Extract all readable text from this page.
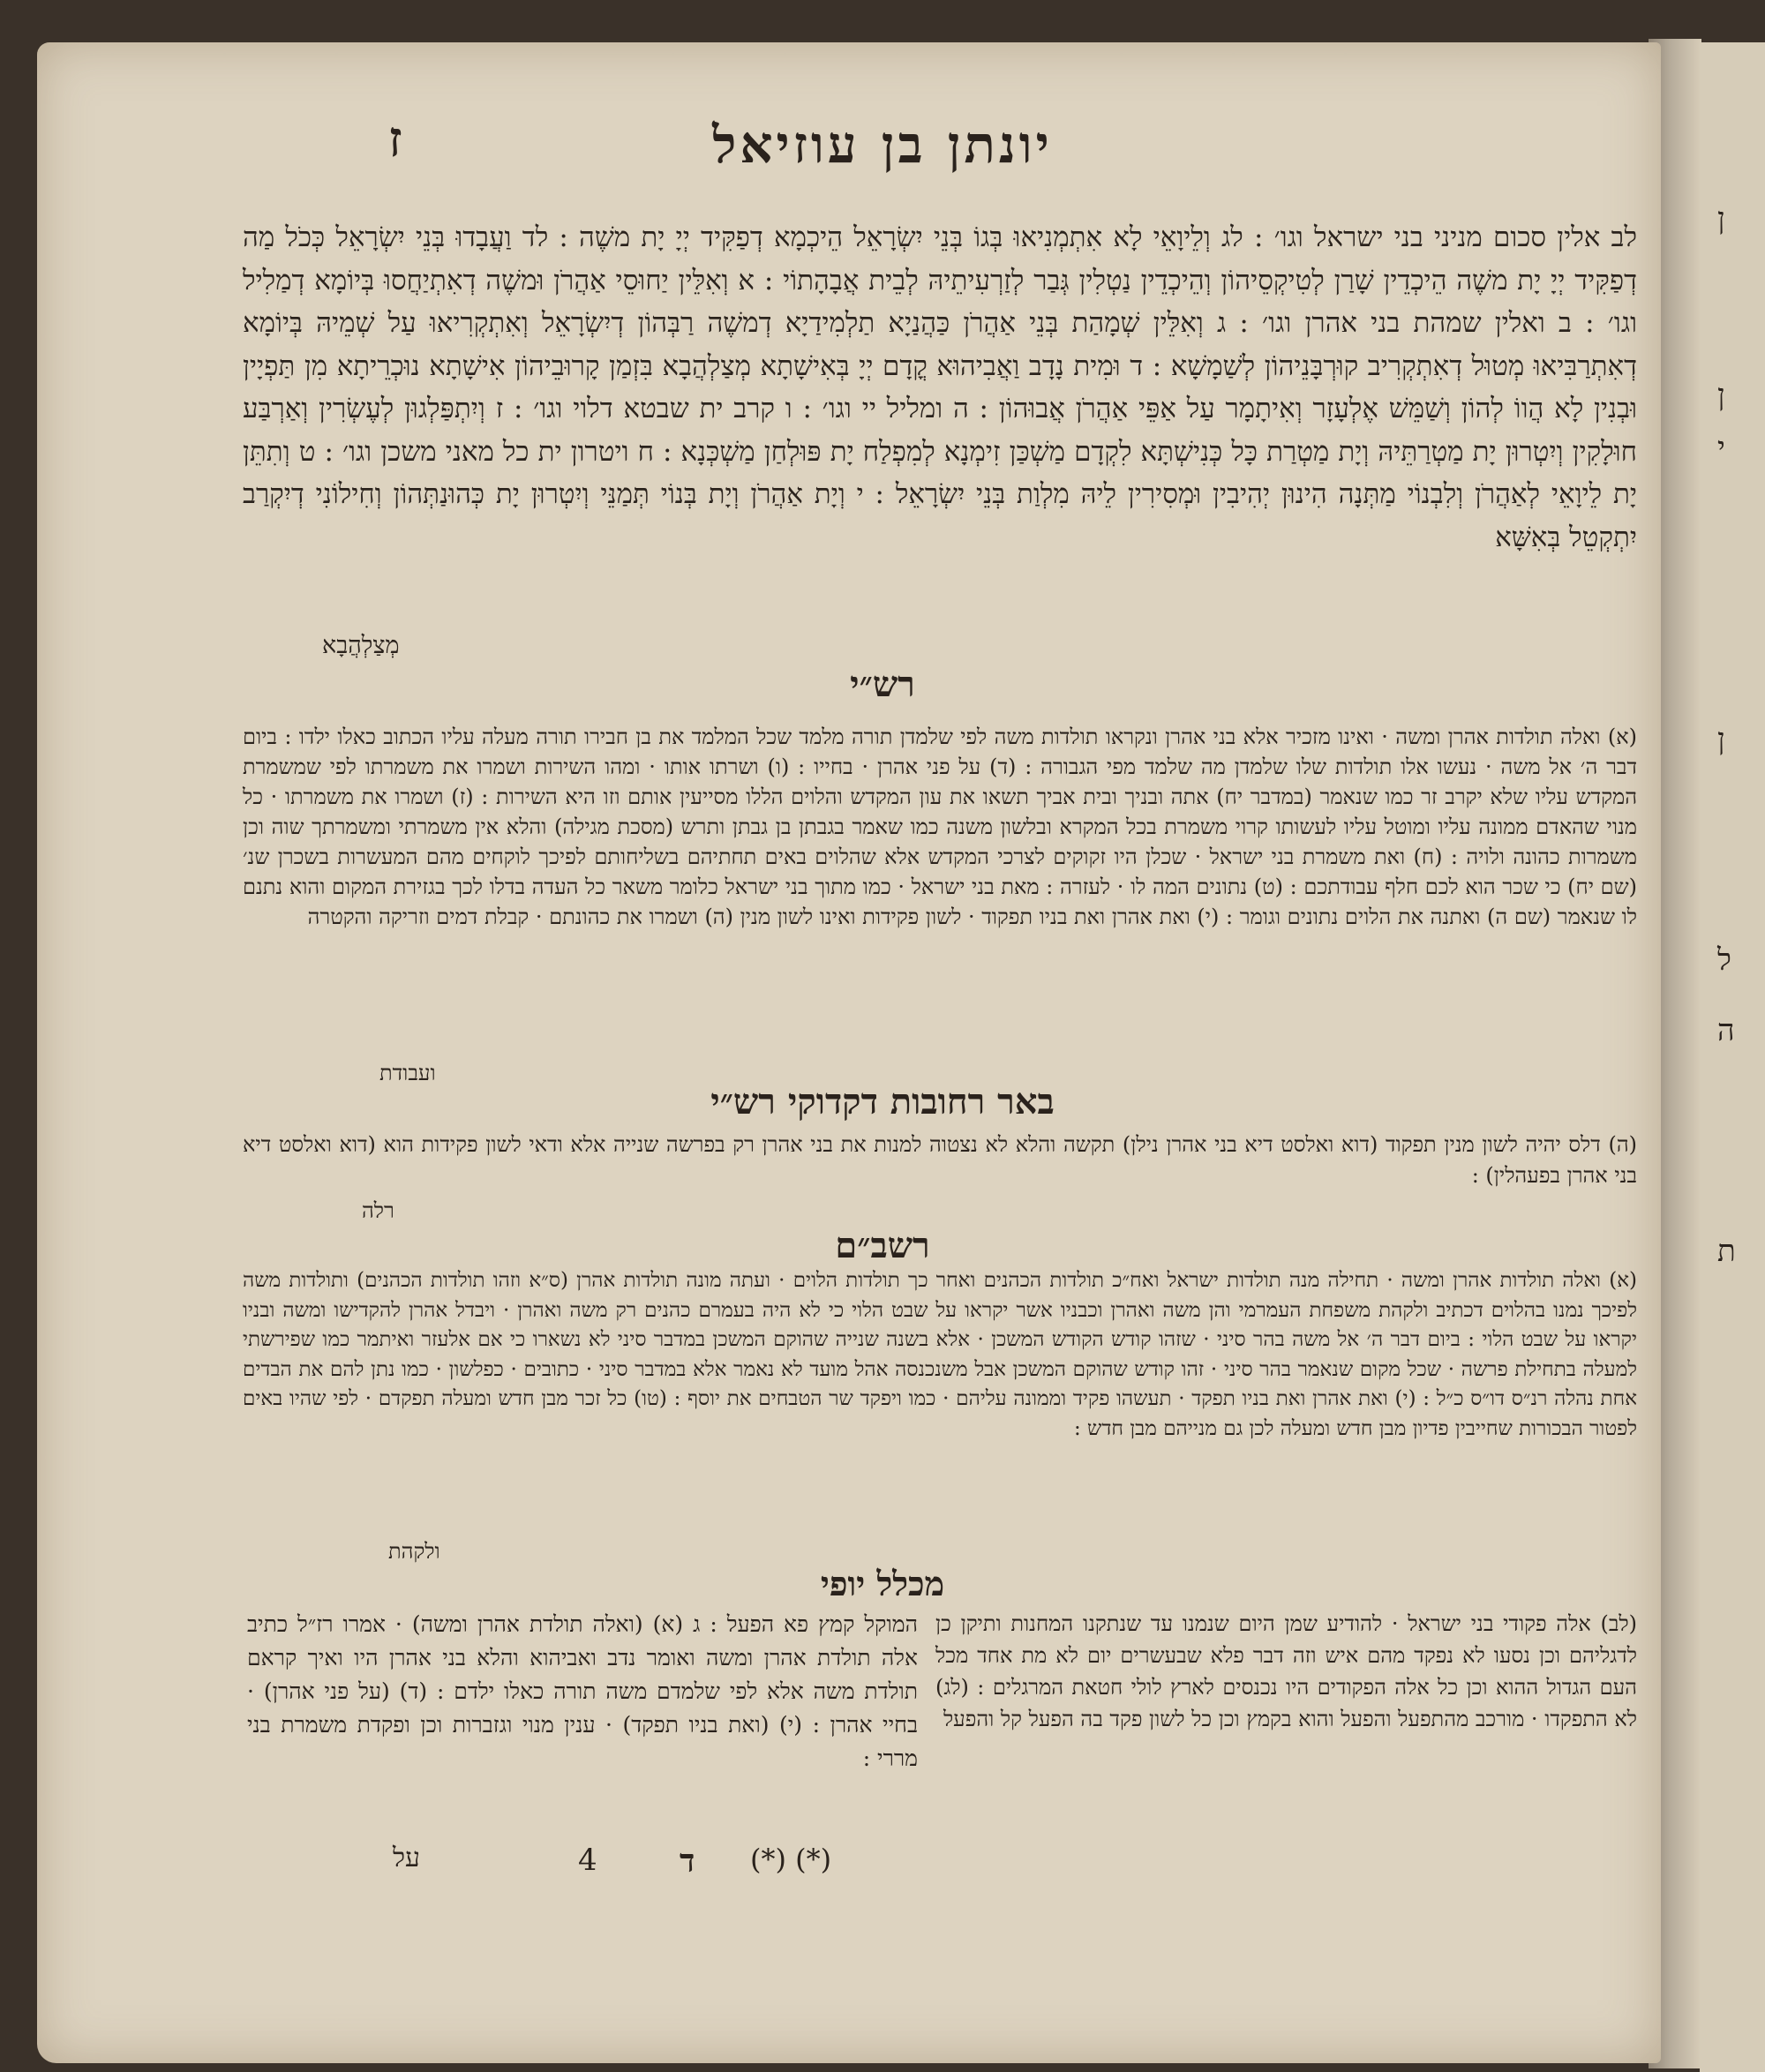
ן
ן
י
ן
ל
ה
ת
יונתן בן עוזיאל
ז
לב אלין סכום מניני בני ישראל וגו׳ : לג וְלֵיוָאֵי לָא אִתְמְנִיאוּ בְּגוֹ בְּנֵי יִשְׂרָאֵל הֵיכְמָא דְפַקִּיד יְיָ יָת משֶׁה : לד וַעֲבָדוּ בְּנֵי יִשְׂרָאֵל כְּכֹל מַה דְפַקִּיד יְיָ יָת משֶׁה הֵיכְדֵין שָׁרַן לְטִיקְסֵיהוֹן וְהֵיכְדֵין נַטְלִין גְּבַר לְזַרְעִיתֵיהּ לְבֵית אֲבָהָתוֹי : א וְאִלֵּין יַחוּסֵי אַהֲרֹן וּמשֶׁה דְאִתְיַחֲסוּ בְּיוֹמָא דְמַלִיל וגו׳ : ב ואלין שמהת בני אהרן וגו׳ : ג וְאִלֵּין שְׁמָהַת בְּנֵי אַהֲרֹן כַּהֲנַיָא תַלְמִידַיָא דְמשֶׁה רַבְּהוֹן דְיִשְׂרָאֵל וְאִתְקְרִיאוּ עַל שְׁמֵיהּ בְּיוֹמָא דְאִתְרַבִּיאוּ מְטוּל דְאִתְקְרִיב קוּרְבָּנֵיהוֹן לְשַׁמָשָׁא : ד וּמִית נָדָב וַאֲבִיהוּא קֳדָם יְיָ בְּאִישָׁתָא מְצַלְהֲבָא בִּזְמַן קָרוּבֵיהוֹן אִישָׁתָא נוּכְרֵיתָא מִן תַּפְיָין וּבְנִין לָא הֲווֹ לְהוֹן וְשַׁמֵּשׁ אֶלְעָזָר וְאִיתָמָר עַל אַפֵּי אַהֲרֹן אֲבוּהוֹן : ה ומליל יי וגו׳ : ו קרב ית שבטא דלוי וגו׳ : ז וְיִתְפַּלְגוּן לְעֶשְׂרִין וְאַרְבַּע חוּלָקִין וְיִטְרוּן יָת מַטְרַתֵּיהּ וְיָת מַטְרַת כָּל כְּנִישְׁתָּא לִקְדָם מַשְׁכַּן זִימְנָא לְמִפְלַח יָת פּוּלְחַן מַשְׁכְּנָא : ח ויטרון ית כל מאני משכן וגו׳ : ט וְתִתֵּן יָת לֵיוָאֵי לְאַהֲרֹן וְלִבְנוֹי מַתְּנָה הִינוּן יְהִיבִין וּמְסִירִין לֵיהּ מִלְוַת בְּנֵי יִשְׂרָאֵל : י וְיָת אַהֲרֹן וְיָת בְּנוֹי תְּמַנֵּי וְיִטְרוּן יָת כְּהוּנַתְּהוֹן וְחִילוֹנִי דְיִקְרַב יִתְקְטֵל בְּאִשָּׁא
מְצַלְהֲבָא
רש״י
(א) ואלה תולדות אהרן ומשה · ואינו מזכיר אלא בני אהרן ונקראו תולדות משה לפי שלמדן תורה מלמד שכל המלמד את בן חבירו תורה מעלה עליו הכתוב כאלו ילדו : ביום דבר ה׳ אל משה · נעשו אלו תולדות שלו שלמדן מה שלמד מפי הגבורה : (ד) על פני אהרן · בחייו : (ו) ושרתו אותו · ומהו השירות ושמרו את משמרתו לפי שמשמרת המקדש עליו שלא יקרב זר כמו שנאמר (במדבר יח) אתה ובניך ובית אביך תשאו את עון המקדש והלוים הללו מסייעין אותם וזו היא השירות : (ז) ושמרו את משמרתו · כל מנוי שהאדם ממונה עליו ומוטל עליו לעשותו קרוי משמרת בכל המקרא ובלשון משנה כמו שאמר בגבתן בן גבתן ותרש (מסכת מגילה) והלא אין משמרתי ומשמרתך שוה וכן משמרות כהונה ולויה : (ח) ואת משמרת בני ישראל · שכלן היו זקוקים לצרכי המקדש אלא שהלוים באים תחתיהם בשליחותם לפיכך לוקחים מהם המעשרות בשכרן שנ׳ (שם יח) כי שכר הוא לכם חלף עבודתכם : (ט) נתונים המה לו · לעזרה : מאת בני ישראל · כמו מתוך בני ישראל כלומר משאר כל העדה בדלו לכך בגזירת המקום והוא נתנם לו שנאמר (שם ה) ואתנה את הלוים נתונים וגומר : (י) ואת אהרן ואת בניו תפקוד · לשון פקידות ואינו לשון מנין (ה) ושמרו את כהונתם · קבלת דמים וזריקה והקטרה
ועבודת
באר רחובות דקדוקי רש״י
(ה) דלס יהיה לשון מנין תפקוד (דוא ואלסט דיא בני אהרן נילן) תקשה והלא לא נצטוה למנות את בני אהרן רק בפרשה שנייה אלא ודאי לשון פקידות הוא (דוא ואלסט דיא בני אהרן בפעהלין) :
רלה
רשב״ם
(א) ואלה תולדות אהרן ומשה · תחילה מנה תולדות ישראל ואח״כ תולדות הכהנים ואחר כך תולדות הלוים · ועתה מונה תולדות אהרן (ס״א וזהו תולדות הכהנים) ותולדות משה לפיכך נמנו בהלוים דכתיב ולקהת משפחת העמרמי והן משה ואהרן וכבניו אשר יקראו על שבט הלוי כי לא היה בעמרם כהנים רק משה ואהרן · ויבדל אהרן להקדישו ומשה ובניו יקראו על שבט הלוי : ביום דבר ה׳ אל משה בהר סיני · שזהו קודש הקודש המשכן · אלא בשנה שנייה שהוקם המשכן במדבר סיני לא נשארו כי אם אלעזר ואיתמר כמו שפירשתי למעלה בתחילת פרשה · שכל מקום שנאמר בהר סיני · זהו קודש שהוקם המשכן אבל משנכנסה אהל מועד לא נאמר אלא במדבר סיני · כתובים · כפלשון · כמו נתן להם את הבדים אחת נהלה רנ״ס דו״ס כ״ל : (י) ואת אהרן ואת בניו תפקד · תעשהו פקיד וממונה עליהם · כמו ויפקד שר הטבחים את יוסף : (טו) כל זכר מבן חדש ומעלה תפקדם · לפי שהיו באים לפטור הבכורות שחייבין פדיון מבן חדש ומעלה לכן גם מנייהם מבן חדש :
ולקהת
מכלל יופי
(לב) אלה פקודי בני ישראל · להודיע שמן היום שנמנו עד שנתקנו המחנות ותיקן כן לדגליהם וכן נסעו לא נפקד מהם איש וזה דבר פלא שבעשרים יום לא מת אחד מכל העם הגדול ההוא וכן כל אלה הפקודים היו נכנסים לארץ לולי חטאת המרגלים : (לג) לא התפקדו · מורכב מהתפעל והפעל והוא בקמץ וכן כל לשון פקד בה הפעל קל והפעל
המוקל קמץ פא הפעל : ג (א) (ואלה תולדת אהרן ומשה) · אמרו רז״ל כתיב אלה תולדת אהרן ומשה ואומר נדב ואביהוא והלא בני אהרן היו ואיך קראם תולדת משה אלא לפי שלמדם משה תורה כאלו ילדם : (ד) (על פני אהרן) · בחיי אהרן : (י) (ואת בניו תפקד) · ענין מנוי וגזברות וכן ופקדת משמרת בני מררי :
(*) (*)
ד
4
על
